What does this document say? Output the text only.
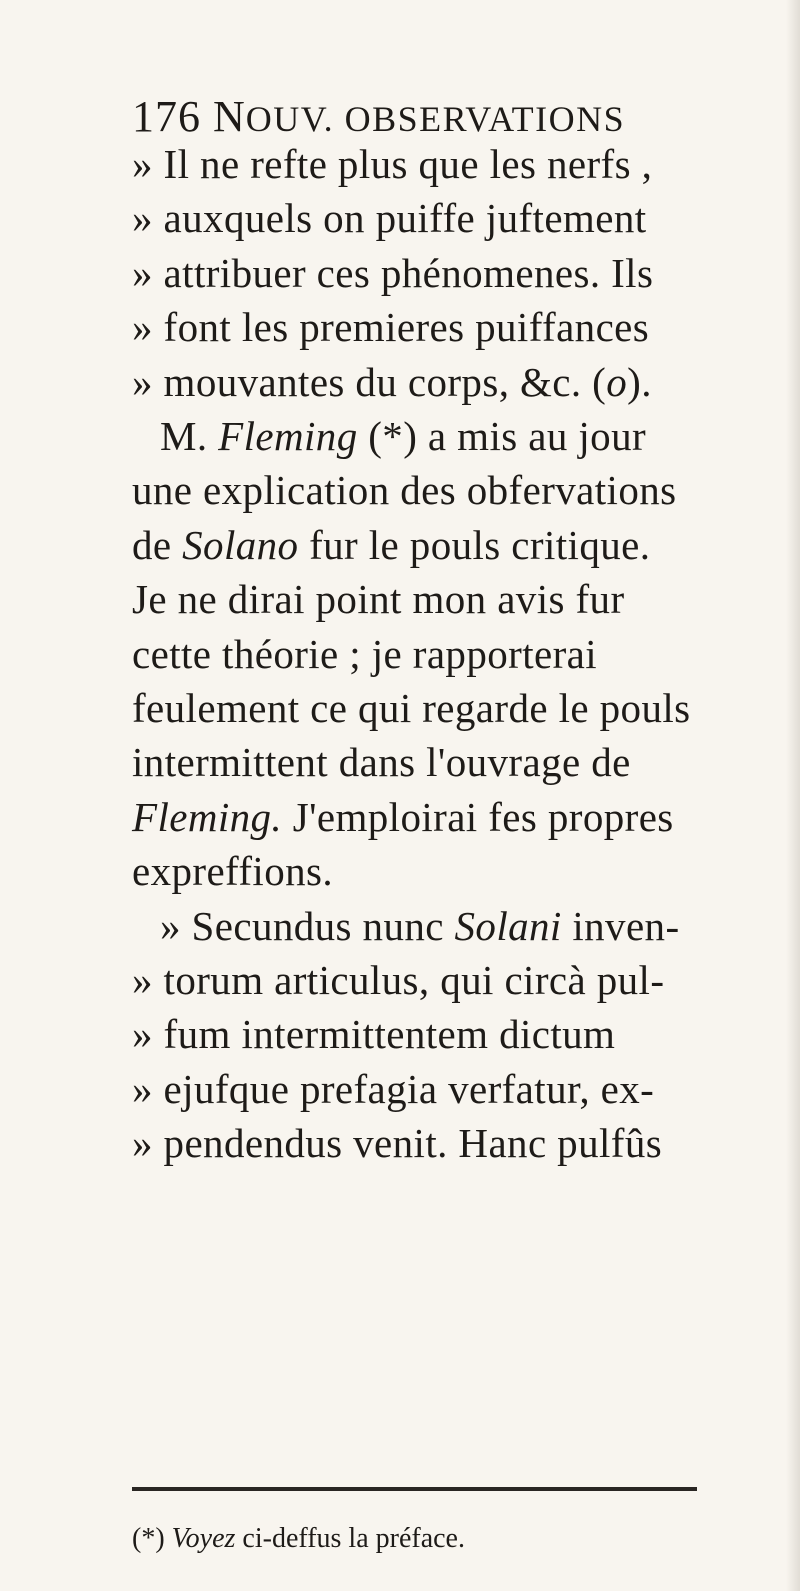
176 NOUV. OBSERVATIONS
» Il ne refte plus que les nerfs ,
» auxquels on puiffe juftement
» attribuer ces phénomenes. Ils
» font les premieres puiffances
» mouvantes du corps, &c. (o).
M. Fleming (*) a mis au jour
une explication des obfervations
de Solano fur le pouls critique.
Je ne dirai point mon avis fur
cette théorie ; je rapporterai
feulement ce qui regarde le pouls
intermittent dans l'ouvrage de
Fleming. J'emploirai fes propres
expreffions.
» Secundus nunc Solani inven-
» torum articulus, qui circà pul-
» fum intermittentem dictum
» ejufque prefagia verfatur, ex-
» pendendus venit. Hanc pulfûs
(*) Voyez ci-deffus la préface.
